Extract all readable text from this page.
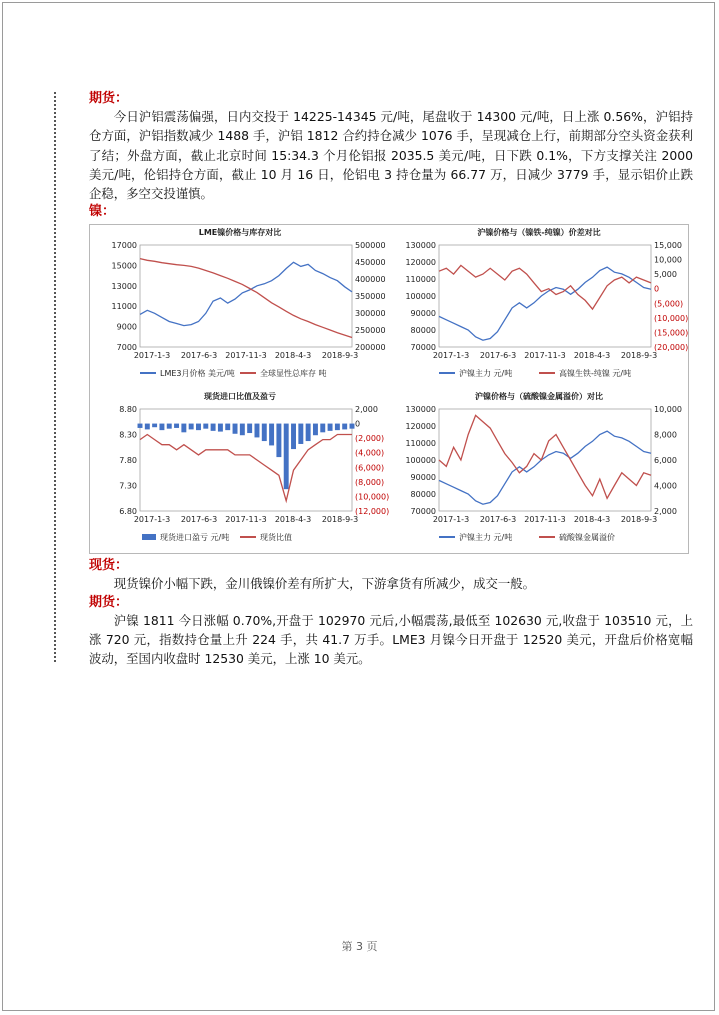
期货：

今日沪铝震荡偏强，日内交投于 14225-14345 元/吨，尾盘收于 14300 元/吨，日上涨 0.56%，沪铝持仓方面，沪铝指数减少 1488 手，沪铝 1812 合约持仓减少 1076 手，呈现减仓上行，前期部分空头资金获利了结；外盘方面，截止北京时间 15:34.3 个月伦铝报 2035.5 美元/吨，日下跌 0.1%，下方支撑关注 2000 美元/吨，伦铝持仓方面，截止 10 月 16 日，伦铝电 3 持仓量为 66.77 万，日减少 3779 手，显示铝价止跌企稳，多空交投谨慎。

镍：
LME镍价格与库存对比
17000
15000
13000
11000
9000
7000
500000
450000
400000
350000
300000
250000
200000
2017-1-3 2017-6-3 2017-11-3 2018-4-3 2018-9-3
LME3月价格 美元/吨	全球显性总库存 吨
沪镍价格与（镍铁-纯镍）价差对比
130000
120000
110000
100000
90000
80000
70000
15,000
10,000
5,000
0
(5,000)
(10,000)
(15,000)
(20,000)
2017-1-3 2017-6-3 2017-11-3 2018-4-3 2018-9-3
沪镍主力 元/吨	高镍生铁-纯镍 元/吨
现货进口比值及盈亏
8.80
8.30
7.80
7.30
6.80
2,000
0
(2,000)
(4,000)
(6,000)
(8,000)
(10,000)
(12,000)
2017-1-3 2017-6-3 2017-11-3 2018-4-3 2018-9-3
现货进口盈亏 元/吨	现货比值
沪镍价格与（硫酸镍金属溢价）对比
130000
120000
110000
100000
90000
80000
70000
10,000
8,000
6,000
4,000
2,000
2017-1-3 2017-6-3 2017-11-3 2018-4-3 2018-9-3
沪镍主力 元/吨	硫酸镍金属溢价
现货：

现货镍价小幅下跌，金川俄镍价差有所扩大，下游拿货有所减少，成交一般。

期货：

沪镍 1811 今日涨幅 0.70%,开盘于 102970 元后,小幅震荡,最低至 102630 元,收盘于 103510 元，上涨 720 元，指数持仓量上升 224 手，共 41.7 万手。LME3 月镍今日开盘于 12520 美元，开盘后价格宽幅波动，至国内收盘时 12530 美元，上涨 10 美元。

第 3 页
